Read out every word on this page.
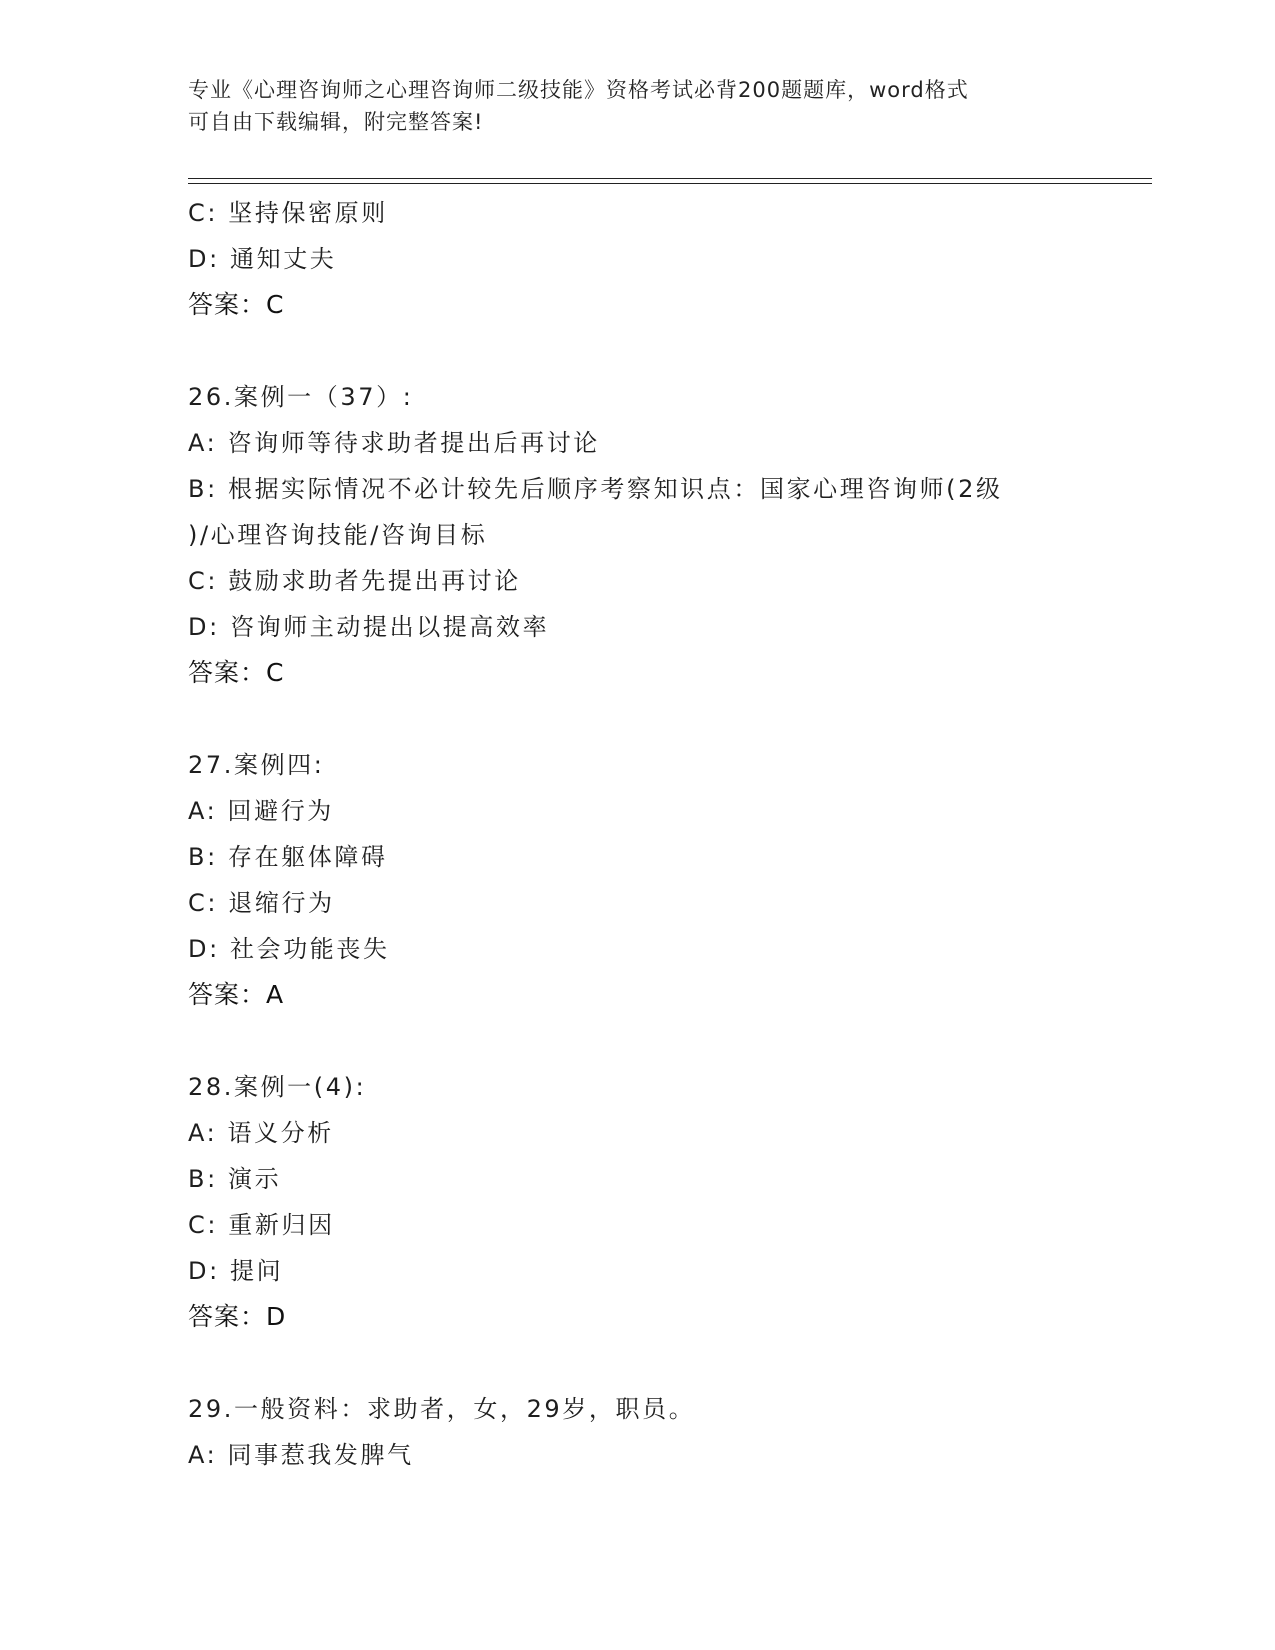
专业《心理咨询师之心理咨询师二级技能》资格考试必背200题题库，word格式
可自由下载编辑，附完整答案!
C: 坚持保密原则
D: 通知丈夫
答案：C
26.案例一（37）:
A: 咨询师等待求助者提出后再讨论
B: 根据实际情况不必计较先后顺序考察知识点：国家心理咨询师(2级
)/心理咨询技能/咨询目标
C: 鼓励求助者先提出再讨论
D: 咨询师主动提出以提高效率
答案：C
27.案例四:
A: 回避行为
B: 存在躯体障碍
C: 退缩行为
D: 社会功能丧失
答案：A
28.案例一(4):
A: 语义分析
B: 演示
C: 重新归因
D: 提问
答案：D
29.一般资料：求助者，女，29岁，职员。
A: 同事惹我发脾气
